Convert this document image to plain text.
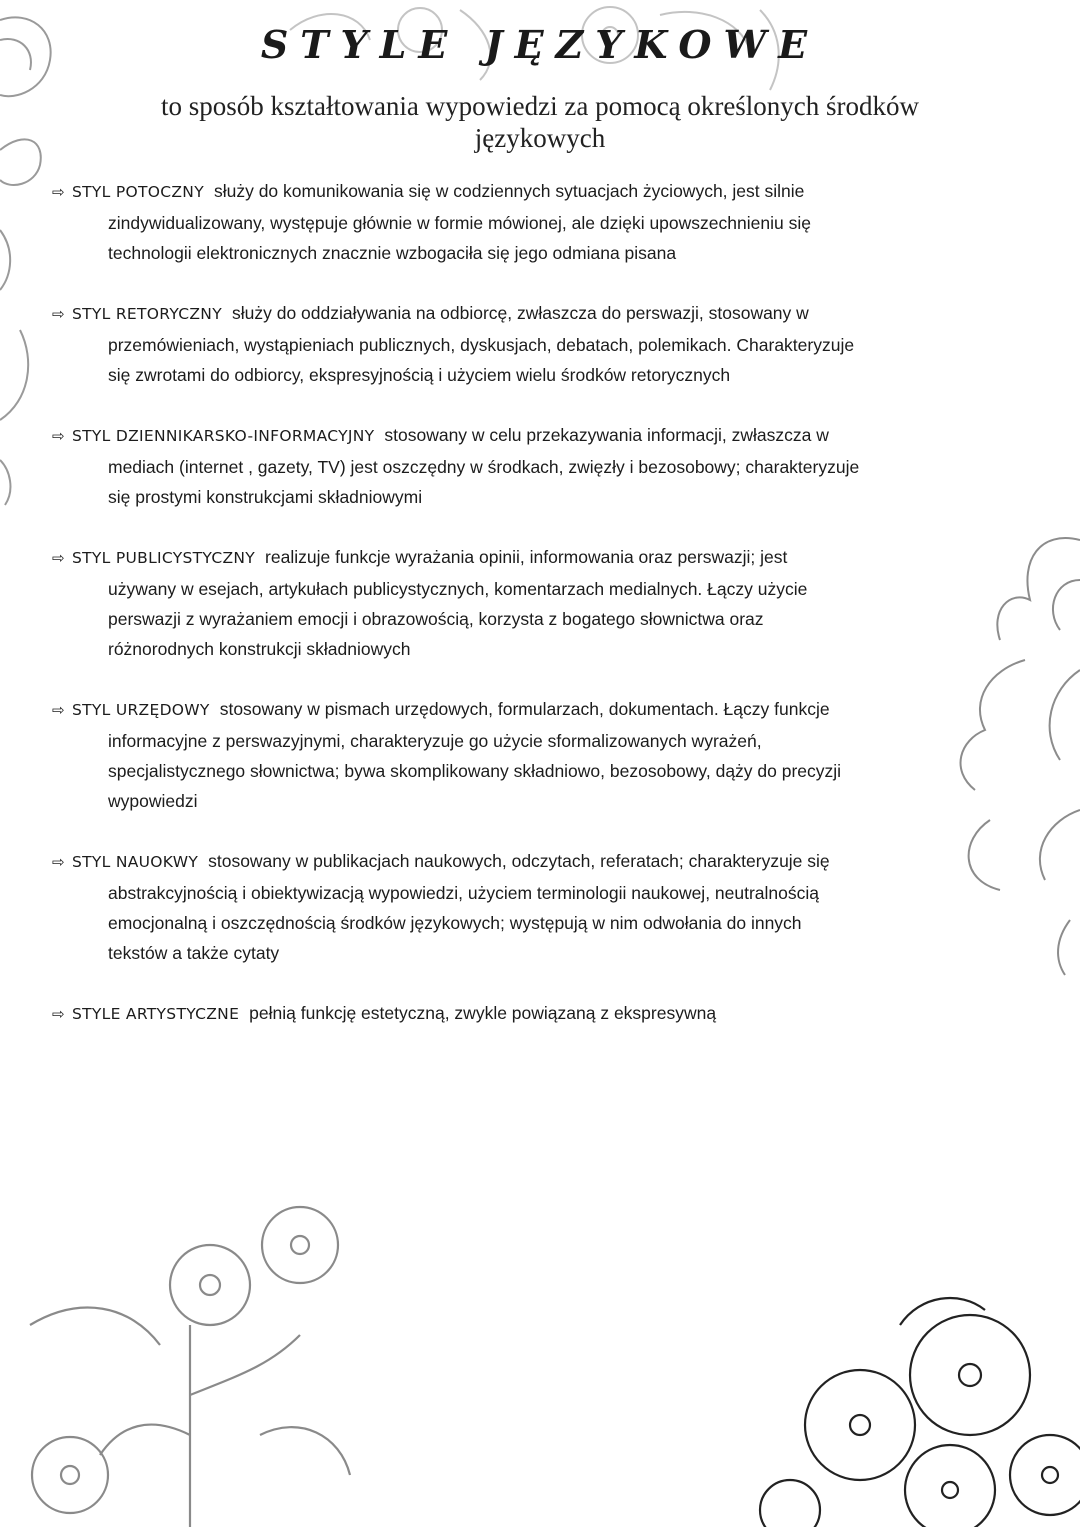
STYLE JĘZYKOWE
to sposób kształtowania wypowiedzi za pomocą określonych środków
językowych
⇨ STYL POTOCZNY służy do komunikowania się w codziennych sytuacjach życiowych, jest silnie
zindywidualizowany, występuje głównie w formie mówionej, ale dzięki upowszechnieniu się
technologii elektronicznych znacznie wzbogaciła się jego odmiana pisana
⇨ STYL RETORYCZNY służy do oddziaływania na odbiorcę, zwłaszcza do perswazji, stosowany w
przemówieniach, wystąpieniach publicznych, dyskusjach, debatach, polemikach. Charakteryzuje
się zwrotami do odbiorcy, ekspresyjnością i użyciem wielu środków retorycznych
⇨ STYL DZIENNIKARSKO-INFORMACYJNY stosowany w celu przekazywania informacji, zwłaszcza w
mediach (internet , gazety, TV) jest oszczędny w środkach, zwięzły i bezosobowy; charakteryzuje
się prostymi konstrukcjami składniowymi
⇨ STYL PUBLICYSTYCZNY realizuje funkcje wyrażania opinii, informowania oraz perswazji; jest
używany w esejach, artykułach publicystycznych, komentarzach medialnych. Łączy użycie
perswazji z wyrażaniem emocji i obrazowością, korzysta z bogatego słownictwa oraz
różnorodnych konstrukcji składniowych
⇨ STYL URZĘDOWY stosowany w pismach urzędowych, formularzach, dokumentach. Łączy funkcje
informacyjne z perswazyjnymi, charakteryzuje go użycie sformalizowanych wyrażeń,
specjalistycznego słownictwa; bywa skomplikowany składniowo, bezosobowy, dąży do precyzji
wypowiedzi
⇨ STYL NAUOKWY stosowany w publikacjach naukowych, odczytach, referatach; charakteryzuje się
abstrakcyjnością i obiektywizacją wypowiedzi, użyciem terminologii naukowej, neutralnością
emocjonalną i oszczędnością środków językowych; występują w nim odwołania do innych
tekstów a także cytaty
⇨ STYLE ARTYSTYCZNE pełnią funkcję estetyczną, zwykle powiązaną z ekspresywną
